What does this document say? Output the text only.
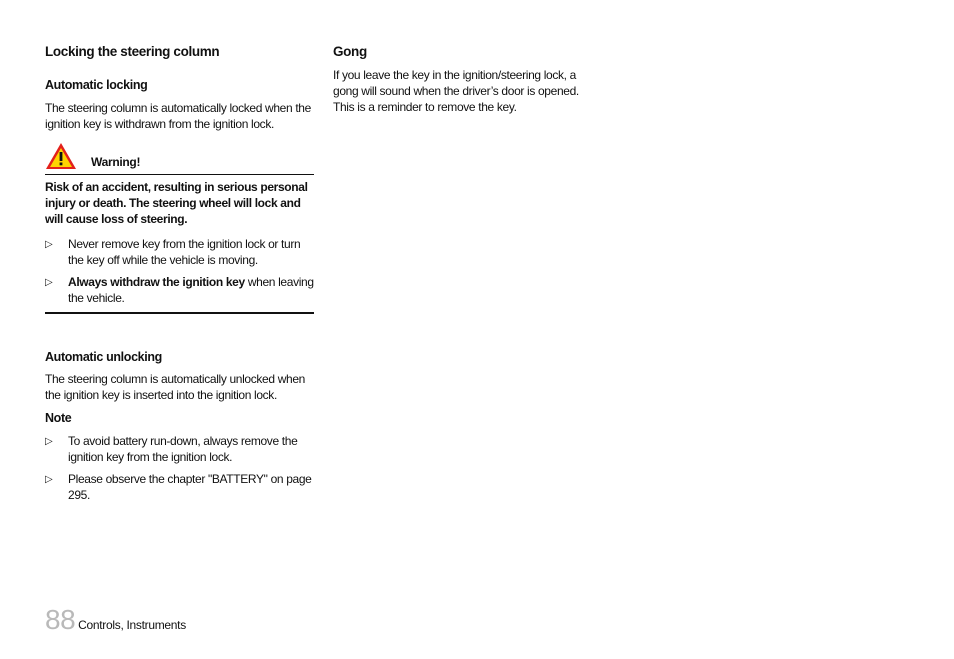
Locking the steering column
Automatic locking

The steering column is automatically locked when the ignition key is withdrawn from the ignition lock.

Warning!

Risk of an accident, resulting in serious personal injury or death. The steering wheel will lock and will cause loss of steering.

▷	Never remove key from the ignition lock or turn the key off while the vehicle is moving.
▷	Always withdraw the ignition key when leaving the vehicle.
Automatic unlocking

The steering column is automatically unlocked when the ignition key is inserted into the ignition lock.

Note
▷	To avoid battery run-down, always remove the ignition key from the ignition lock.
▷	Please observe the chapter "BATTERY" on page 295.
Gong

If you leave the key in the ignition/steering lock, a gong will sound when the driver’s door is opened. This is a reminder to remove the key.

88 Controls, Instruments
